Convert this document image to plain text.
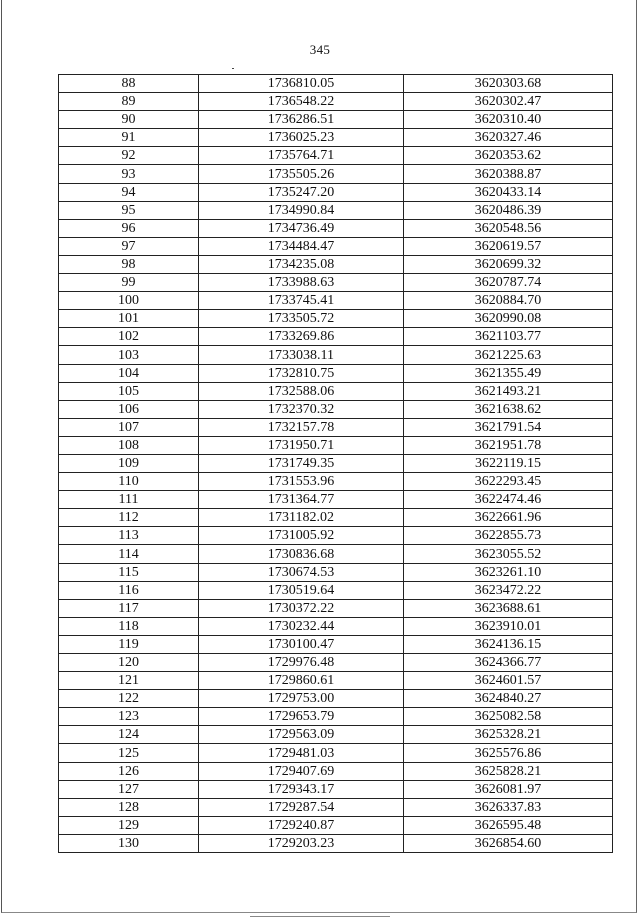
345
88	1736810.05	3620303.68
89	1736548.22	3620302.47
90	1736286.51	3620310.40
91	1736025.23	3620327.46
92	1735764.71	3620353.62
93	1735505.26	3620388.87
94	1735247.20	3620433.14
95	1734990.84	3620486.39
96	1734736.49	3620548.56
97	1734484.47	3620619.57
98	1734235.08	3620699.32
99	1733988.63	3620787.74
100	1733745.41	3620884.70
101	1733505.72	3620990.08
102	1733269.86	3621103.77
103	1733038.11	3621225.63
104	1732810.75	3621355.49
105	1732588.06	3621493.21
106	1732370.32	3621638.62
107	1732157.78	3621791.54
108	1731950.71	3621951.78
109	1731749.35	3622119.15
110	1731553.96	3622293.45
111	1731364.77	3622474.46
112	1731182.02	3622661.96
113	1731005.92	3622855.73
114	1730836.68	3623055.52
115	1730674.53	3623261.10
116	1730519.64	3623472.22
117	1730372.22	3623688.61
118	1730232.44	3623910.01
119	1730100.47	3624136.15
120	1729976.48	3624366.77
121	1729860.61	3624601.57
122	1729753.00	3624840.27
123	1729653.79	3625082.58
124	1729563.09	3625328.21
125	1729481.03	3625576.86
126	1729407.69	3625828.21
127	1729343.17	3626081.97
128	1729287.54	3626337.83
129	1729240.87	3626595.48
130	1729203.23	3626854.60
